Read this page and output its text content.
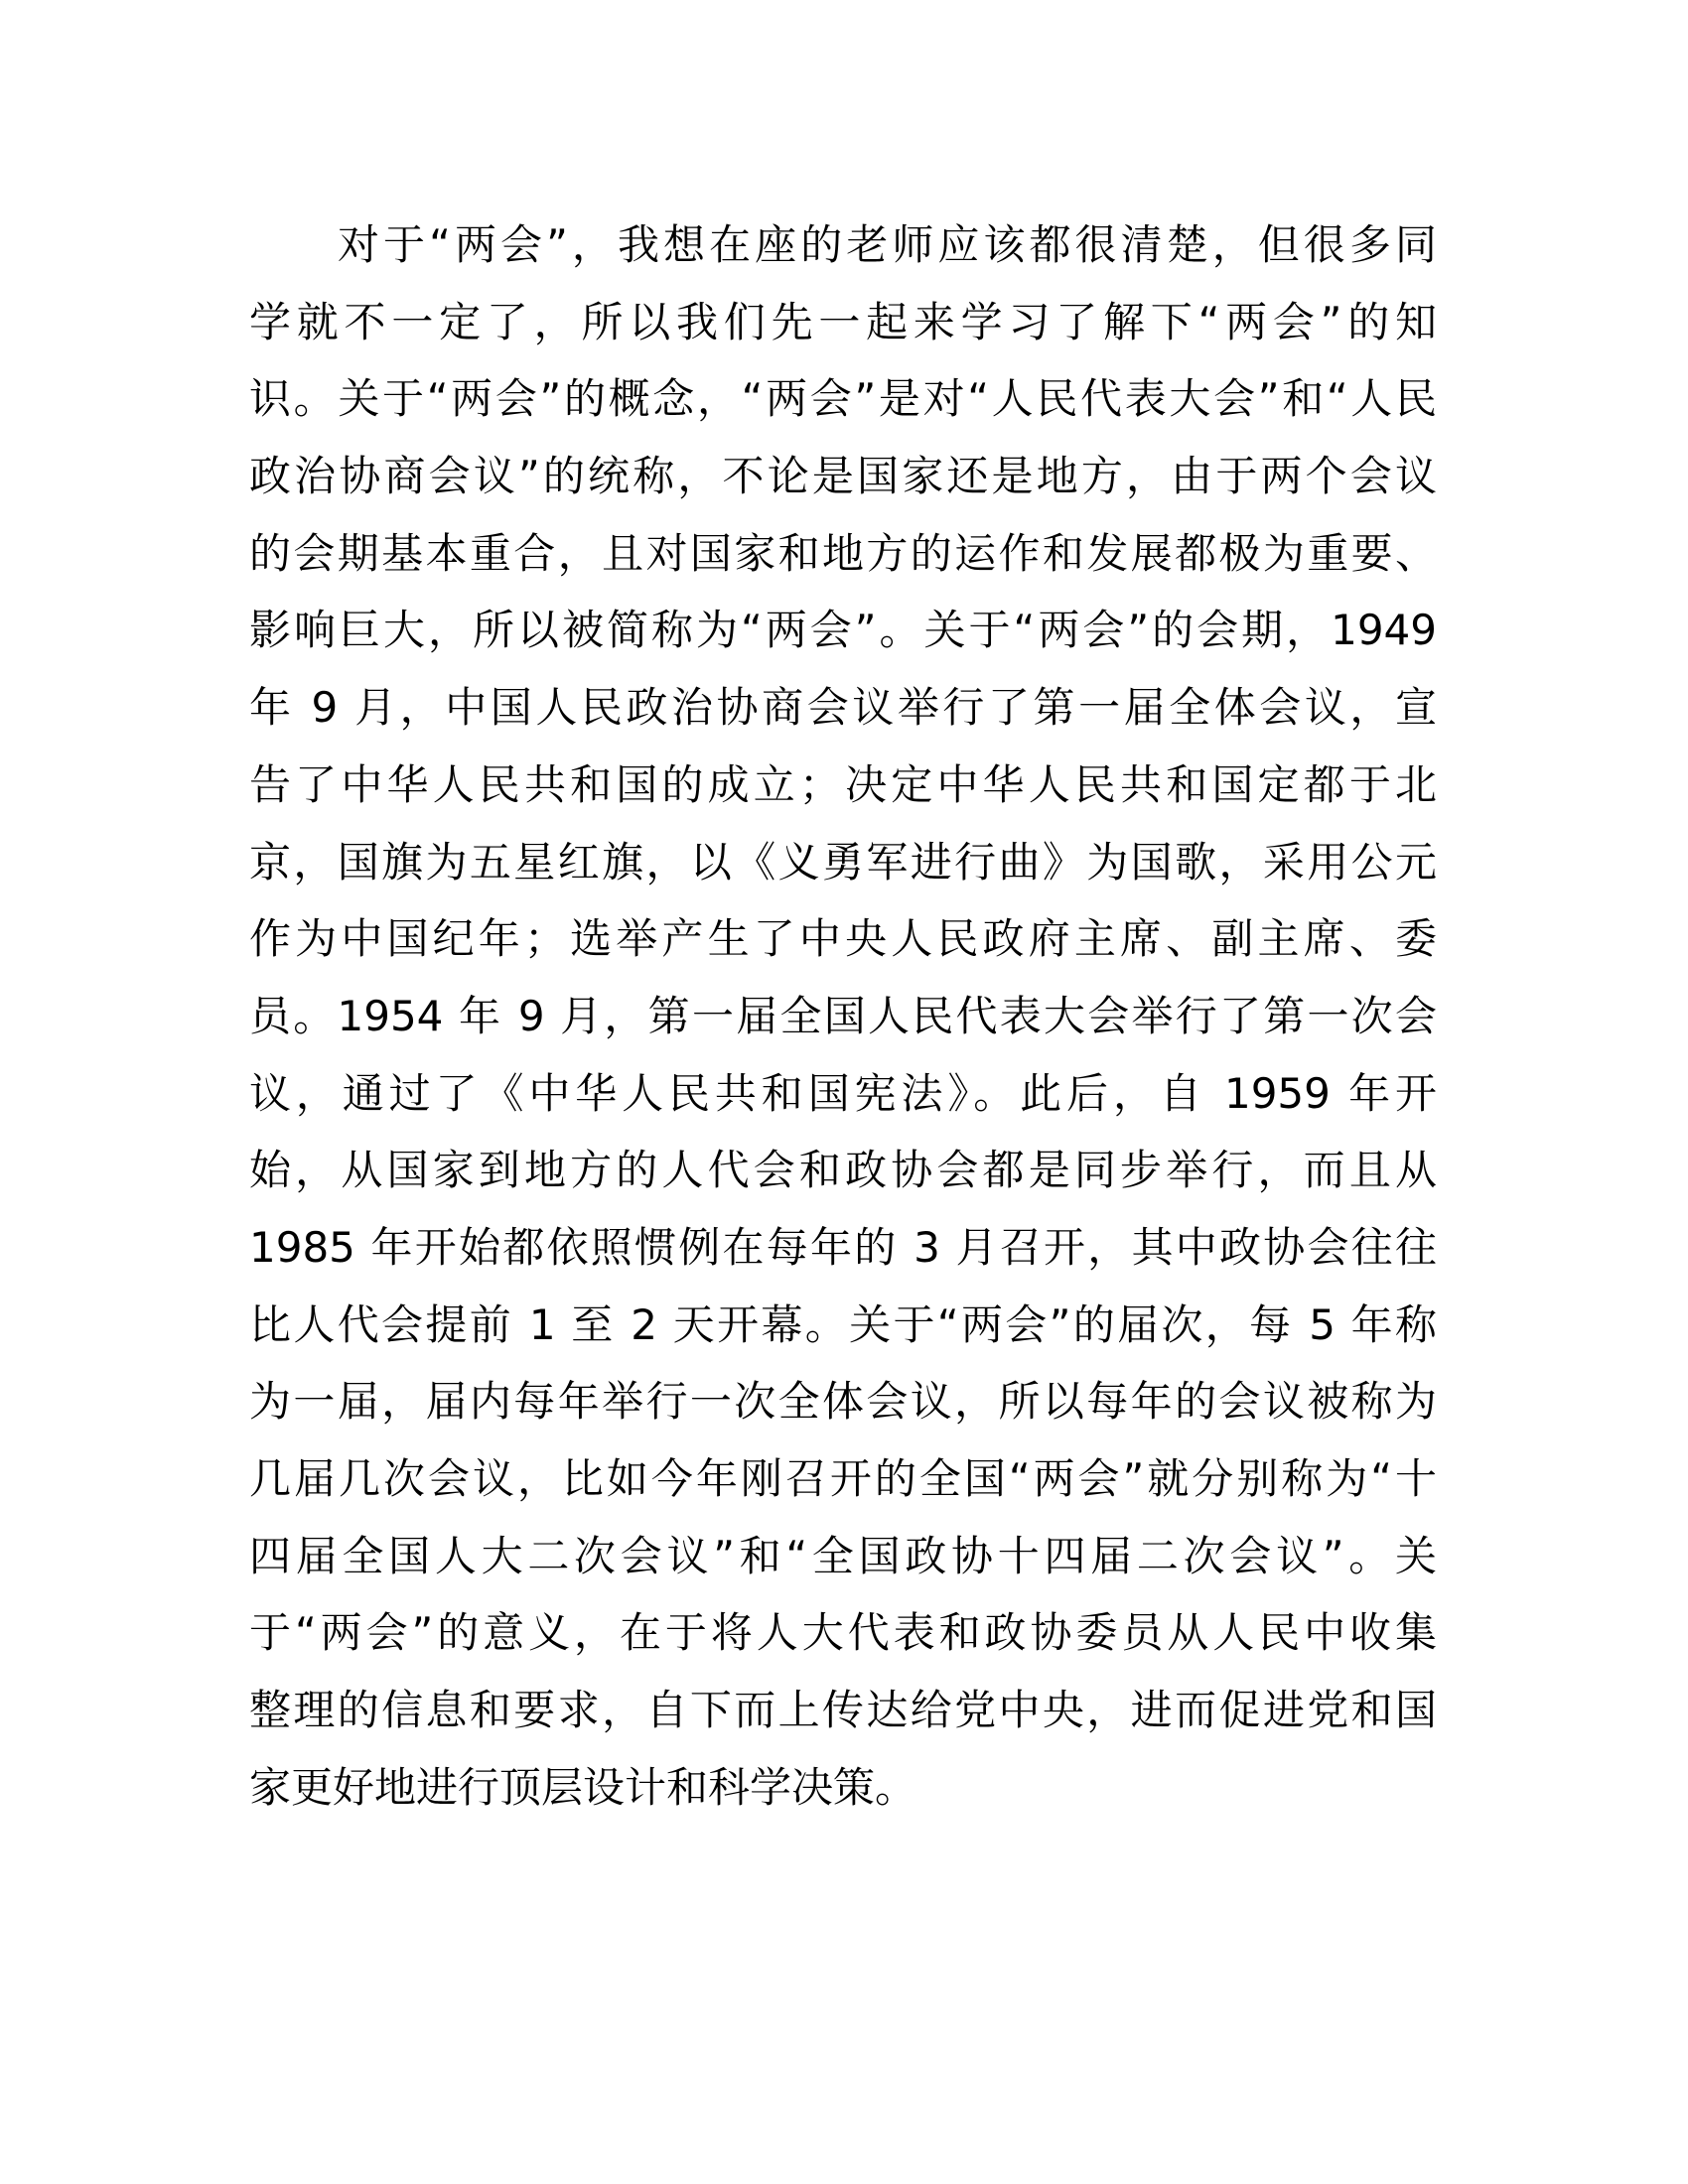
对于“两会”，我想在座的老师应该都很清楚，但很多同
学就不一定了，所以我们先一起来学习了解下“两会”的知
识。关于“两会”的概念，“两会”是对“人民代表大会”和“人民
政治协商会议”的统称，不论是国家还是地方，由于两个会议
的会期基本重合，且对国家和地方的运作和发展都极为重要、
影响巨大，所以被简称为“两会”。关于“两会”的会期，1949
年 9 月，中国人民政治协商会议举行了第一届全体会议，宣
告了中华人民共和国的成立；决定中华人民共和国定都于北
京，国旗为五星红旗，以《义勇军进行曲》为国歌，采用公元
作为中国纪年；选举产生了中央人民政府主席、副主席、委
员。1954 年 9 月，第一届全国人民代表大会举行了第一次会
议，通过了《中华人民共和国宪法》。此后，自 1959 年开
始，从国家到地方的人代会和政协会都是同步举行，而且从
1985 年开始都依照惯例在每年的 3 月召开，其中政协会往往
比人代会提前 1 至 2 天开幕。关于“两会”的届次，每 5 年称
为一届，届内每年举行一次全体会议，所以每年的会议被称为
几届几次会议，比如今年刚召开的全国“两会”就分别称为“十
四届全国人大二次会议”和“全国政协十四届二次会议”。关
于“两会”的意义，在于将人大代表和政协委员从人民中收集
整理的信息和要求，自下而上传达给党中央，进而促进党和国
家更好地进行顶层设计和科学决策。
